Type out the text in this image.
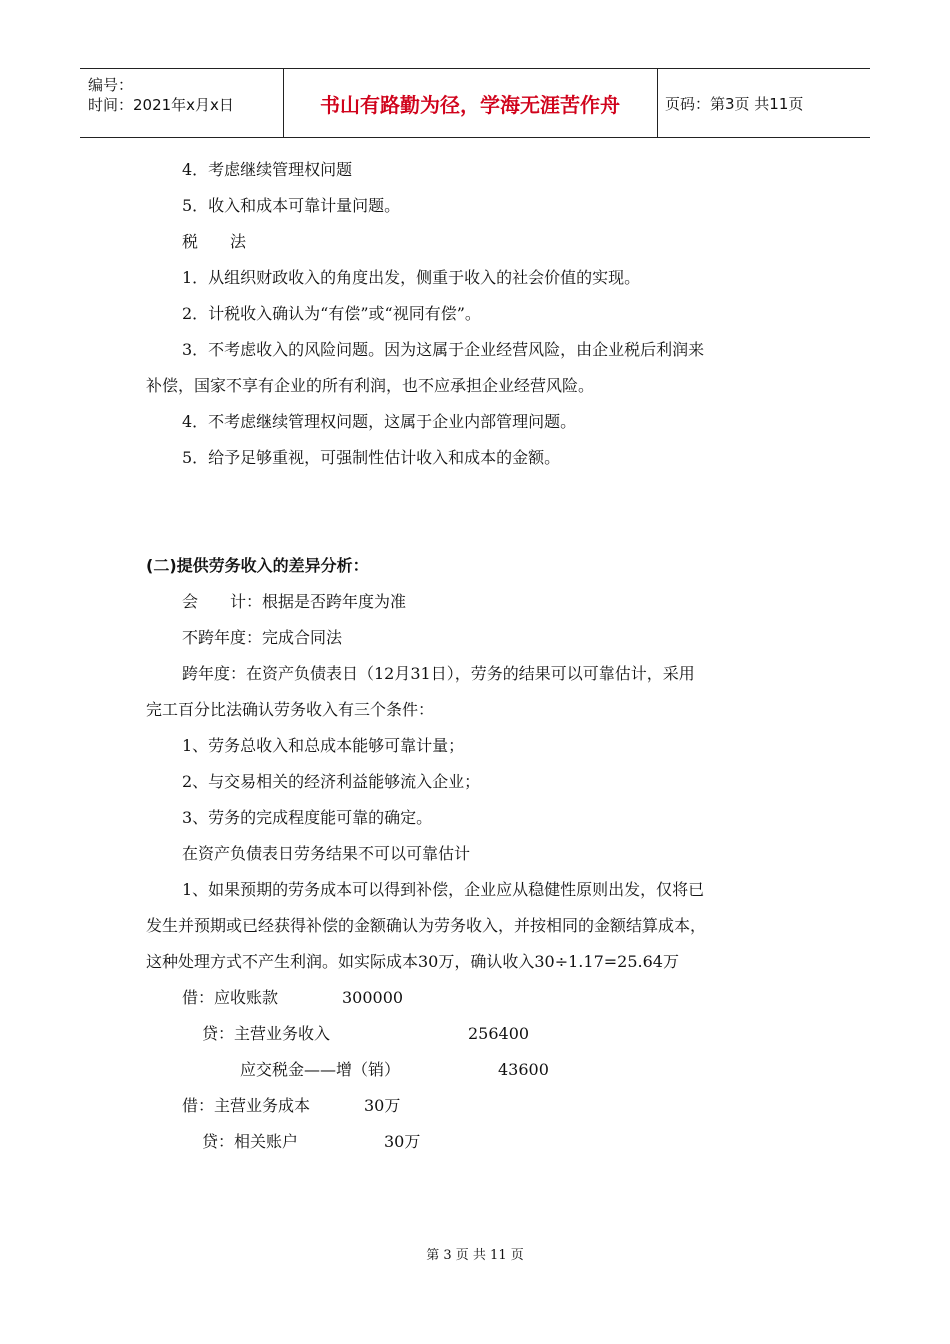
编号：
时间：2021年x月x日	书山有路勤为径，学海无涯苦作舟	页码：第3页 共11页
4．考虑继续管理权问题
5．收入和成本可靠计量问题。
税　　法
1．从组织财政收入的角度出发，侧重于收入的社会价值的实现。
2．计税收入确认为“有偿”或“视同有偿”。
3．不考虑收入的风险问题。因为这属于企业经营风险，由企业税后利润来
补偿，国家不享有企业的所有利润，也不应承担企业经营风险。
4．不考虑继续管理权问题，这属于企业内部管理问题。
5．给予足够重视，可强制性估计收入和成本的金额。
(二)提供劳务收入的差异分析：
会　　计：根据是否跨年度为准
不跨年度：完成合同法
跨年度：在资产负债表日（12月31日），劳务的结果可以可靠估计，采用
完工百分比法确认劳务收入有三个条件：
1、劳务总收入和总成本能够可靠计量；
2、与交易相关的经济利益能够流入企业；
3、劳务的完成程度能可靠的确定。
在资产负债表日劳务结果不可以可靠估计
1、如果预期的劳务成本可以得到补偿，企业应从稳健性原则出发，仅将已
发生并预期或已经获得补偿的金额确认为劳务收入，并按相同的金额结算成本，
这种处理方式不产生利润。如实际成本30万，确认收入30÷1.17=25.64万
借：应收账款	300000
贷：主营业务收入	256400
应交税金——增（销）	43600
借：主营业务成本	30万
贷：相关账户	30万
第 3 页 共 11 页
